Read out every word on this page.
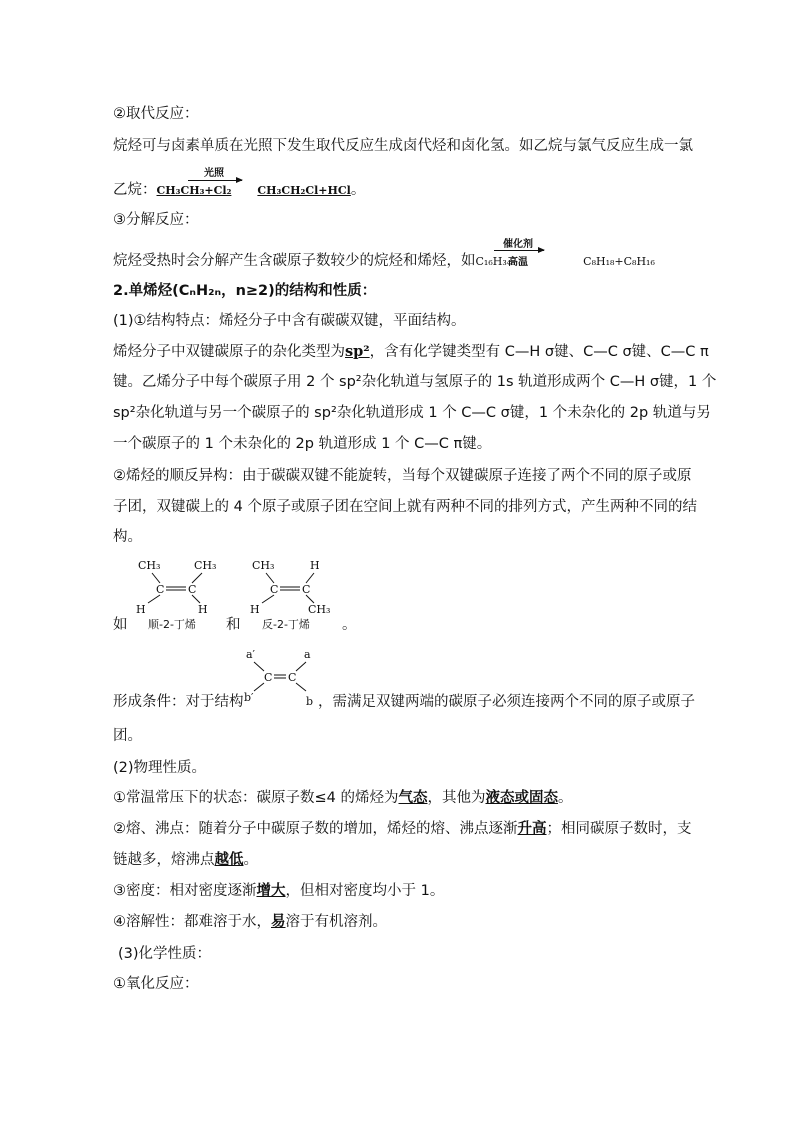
②取代反应：
烷烃可与卤素单质在光照下发生取代反应生成卤代烃和卤化氢。如乙烷与氯气反应生成一氯
乙烷：CH₃CH₃+Cl₂ CH₃CH₂Cl+HCl。
光照
③分解反应：
烷烃受热时会分解产生含碳原子数较少的烷烃和烯烃，如C₁₆H₃₄	C₈H₁₈+C₈H₁₆
催化剂
高温
2.单烯烃(CₙH₂ₙ，n≥2)的结构和性质：
(1)①结构特点：烯烃分子中含有碳碳双键，平面结构。
烯烃分子中双键碳原子的杂化类型为sp²，含有化学键类型有 C—H σ键、C—C σ键、C—C π
键。乙烯分子中每个碳原子用 2 个 sp²杂化轨道与氢原子的 1s 轨道形成两个 C—H σ键，1 个
sp²杂化轨道与另一个碳原子的 sp²杂化轨道形成 1 个 C—C σ键，1 个未杂化的 2p 轨道与另
一个碳原子的 1 个未杂化的 2p 轨道形成 1 个 C—C π键。
②烯烃的顺反异构：由于碳碳双键不能旋转，当每个双键碳原子连接了两个不同的原子或原
子团，双键碳上的 4 个原子或原子团在空间上就有两种不同的排列方式，产生两种不同的结
构。
如
CH₃	CH₃
C C
H	H
顺-2-丁烯 和
CH₃	H
C C
H	CH₃
反-2-丁烯 。
形成条件：对于结构
a′	a
C C
b′	b ，需满足双键两端的碳原子必须连接两个不同的原子或原子
团。
(2)物理性质。
①常温常压下的状态：碳原子数≤4 的烯烃为气态，其他为液态或固态。
②熔、沸点：随着分子中碳原子数的增加，烯烃的熔、沸点逐渐升高；相同碳原子数时，支
链越多，熔沸点越低。
③密度：相对密度逐渐增大，但相对密度均小于 1。
④溶解性：都难溶于水，易溶于有机溶剂。
(3)化学性质：
①氧化反应：
